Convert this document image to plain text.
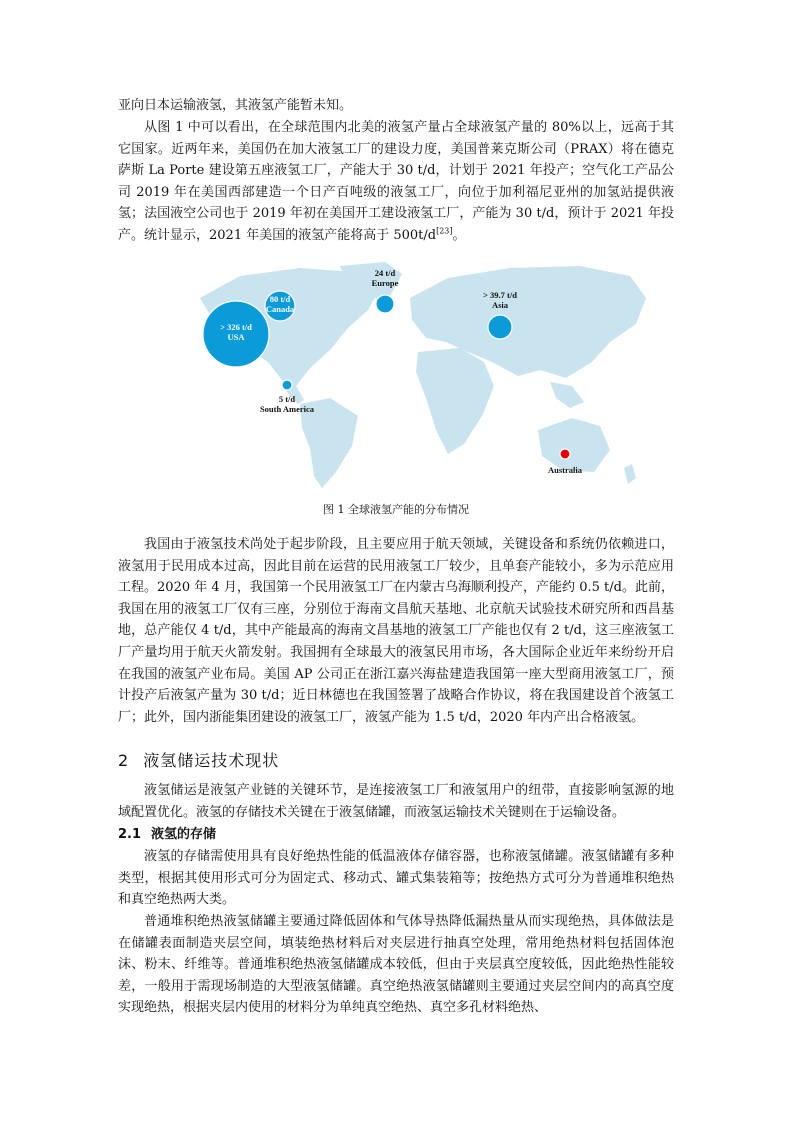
亚向日本运输液氢，其液氢产能暂未知。

从图 1 中可以看出，在全球范围内北美的液氢产量占全球液氢产量的 80%以上，远高于其它国家。近两年来，美国仍在加大液氢工厂的建设力度，美国普莱克斯公司（PRAX）将在德克萨斯 La Porte 建设第五座液氢工厂，产能大于 30 t/d，计划于 2021 年投产；空气化工产品公司 2019 年在美国西部建造一个日产百吨级的液氢工厂，向位于加利福尼亚州的加氢站提供液氢；法国液空公司也于 2019 年初在美国开工建设液氢工厂，产能为 30 t/d，预计于 2021 年投产。统计显示，2021 年美国的液氢产能将高于 500t/d[23]。

> 326 t/d
USA
80 t/d
Canada
24 t/d
Europe
> 39.7 t/d
Asia
5 t/d
South America
Australia
图 1 全球液氢产能的分布情况

我国由于液氢技术尚处于起步阶段，且主要应用于航天领域，关键设备和系统仍依赖进口，液氢用于民用成本过高，因此目前在运营的民用液氢工厂较少，且单套产能较小，多为示范应用工程。2020 年 4 月，我国第一个民用液氢工厂在内蒙古乌海顺利投产，产能约 0.5 t/d。此前，我国在用的液氢工厂仅有三座，分别位于海南文昌航天基地、北京航天试验技术研究所和西昌基地，总产能仅 4 t/d，其中产能最高的海南文昌基地的液氢工厂产能也仅有 2 t/d，这三座液氢工厂产量均用于航天火箭发射。我国拥有全球最大的液氢民用市场，各大国际企业近年来纷纷开启在我国的液氢产业布局。美国 AP 公司正在浙江嘉兴海盐建造我国第一座大型商用液氢工厂，预计投产后液氢产量为 30 t/d；近日林德也在我国签署了战略合作协议，将在我国建设首个液氢工厂；此外，国内浙能集团建设的液氢工厂，液氢产能为 1.5 t/d，2020 年内产出合格液氢。

2 液氢储运技术现状

液氢储运是液氢产业链的关键环节，是连接液氢工厂和液氢用户的纽带，直接影响氢源的地域配置优化。液氢的存储技术关键在于液氢储罐，而液氢运输技术关键则在于运输设备。

2.1 液氢的存储

液氢的存储需使用具有良好绝热性能的低温液体存储容器，也称液氢储罐。液氢储罐有多种类型，根据其使用形式可分为固定式、移动式、罐式集装箱等；按绝热方式可分为普通堆积绝热和真空绝热两大类。

普通堆积绝热液氢储罐主要通过降低固体和气体导热降低漏热量从而实现绝热，具体做法是在储罐表面制造夹层空间，填装绝热材料后对夹层进行抽真空处理，常用绝热材料包括固体泡沫、粉末、纤维等。普通堆积绝热液氢储罐成本较低，但由于夹层真空度较低，因此绝热性能较差，一般用于需现场制造的大型液氢储罐。真空绝热液氢储罐则主要通过夹层空间内的高真空度实现绝热，根据夹层内使用的材料分为单纯真空绝热、真空多孔材料绝热、
